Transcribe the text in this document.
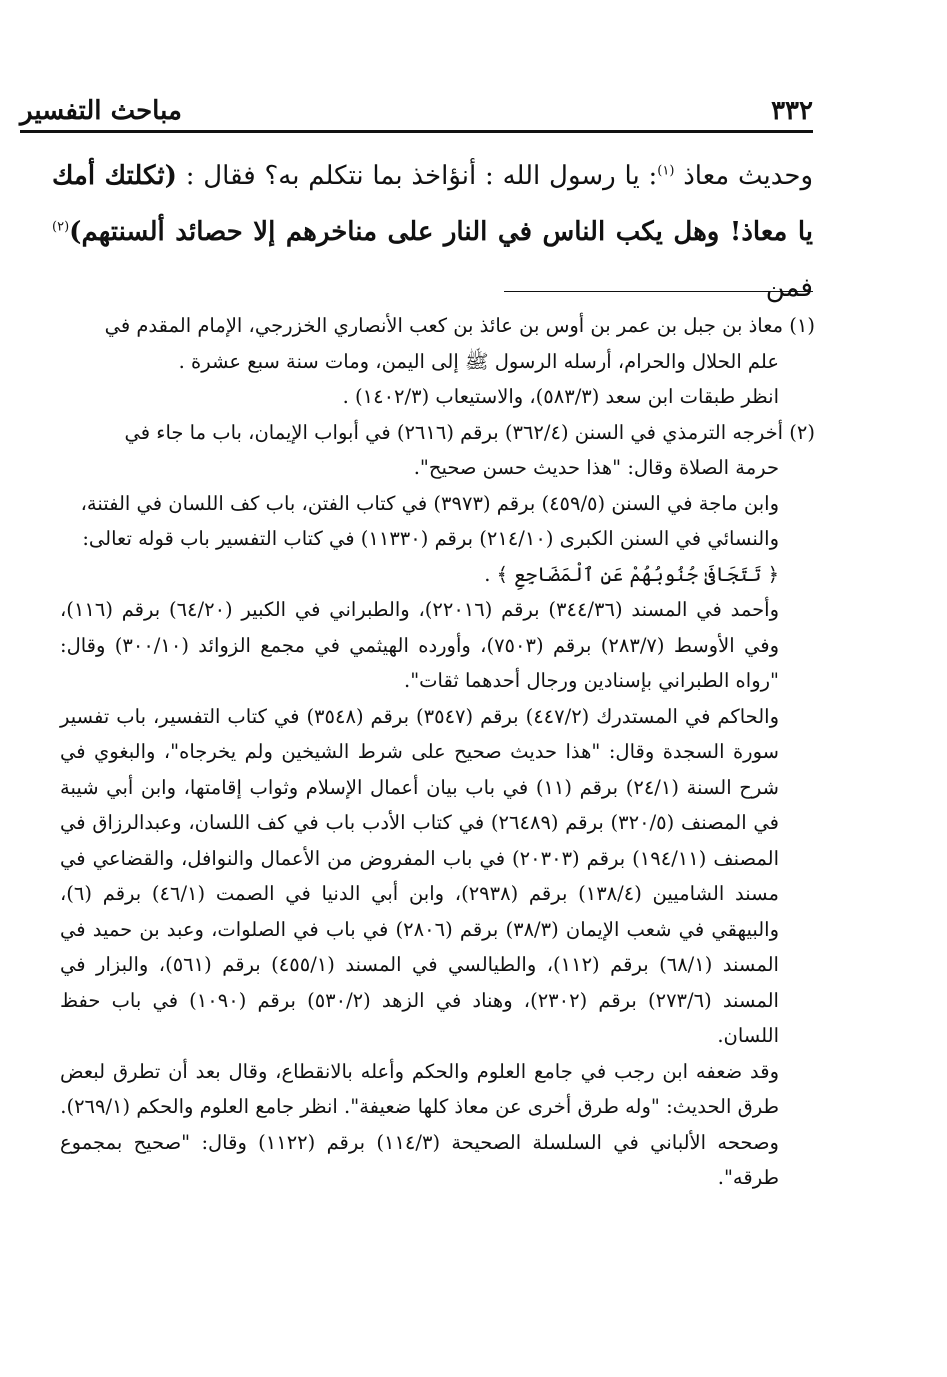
٣٣٢
مباحث التفسير
وحديث معاذ $^{(١)}$: يا رسول الله : أنؤاخذ بما نتكلم به؟ فقال : (ثكلتك أمك يا معاذ! وهل يكب الناس في النار على مناخرهم إلا حصائد ألسنتهم)$^{(٢)}$ فمن

(١) معاذ بن جبل بن عمر بن أوس بن عائذ بن كعب الأنصاري الخزرجي، الإمام المقدم في

علم الحلال والحرام، أرسله الرسول ﷺ إلى اليمن، ومات سنة سبع عشرة .

انظر طبقات ابن سعد (٥٨٣/٣)، والاستيعاب (١٤٠٢/٣) .

(٢) أخرجه الترمذي في السنن (٣٦٢/٤) برقم (٢٦١٦) في أبواب الإيمان، باب ما جاء في

حرمة الصلاة وقال: "هذا حديث حسن صحيح".

وابن ماجة في السنن (٤٥٩/٥) برقم (٣٩٧٣) في كتاب الفتن، باب كف اللسان في الفتنة،

والنسائي في السنن الكبرى (٢١٤/١٠) برقم (١١٣٣٠) في كتاب التفسير باب قوله تعالى:

﴿ تَتَجَافَىٰ جُنُوبُهُمْ عَنِ ٱلْمَضَاجِعِ ﴾ .

وأحمد في المسند (٣٤٤/٣٦) برقم (٢٢٠١٦)، والطبراني في الكبير (٦٤/٢٠) برقم (١١٦)، وفي الأوسط (٢٨٣/٧) برقم (٧٥٠٣)، وأورده الهيثمي في مجمع الزوائد (٣٠٠/١٠) وقال: "رواه الطبراني بإسنادين ورجال أحدهما ثقات".

والحاكم في المستدرك (٤٤٧/٢) برقم (٣٥٤٧) برقم (٣٥٤٨) في كتاب التفسير، باب تفسير سورة السجدة وقال: "هذا حديث صحيح على شرط الشيخين ولم يخرجاه"، والبغوي في شرح السنة (٢٤/١) برقم (١١) في باب بيان أعمال الإسلام وثواب إقامتها، وابن أبي شيبة في المصنف (٣٢٠/٥) برقم (٢٦٤٨٩) في كتاب الأدب باب في كف اللسان، وعبدالرزاق في المصنف (١٩٤/١١) برقم (٢٠٣٠٣) في باب المفروض من الأعمال والنوافل، والقضاعي في مسند الشاميين (١٣٨/٤) برقم (٢٩٣٨)، وابن أبي الدنيا في الصمت (٤٦/١) برقم (٦)، والبيهقي في شعب الإيمان (٣٨/٣) برقم (٢٨٠٦) في باب في الصلوات، وعبد بن حميد في المسند (٦٨/١) برقم (١١٢)، والطيالسي في المسند (٤٥٥/١) برقم (٥٦١)، والبزار في المسند (٢٧٣/٦) برقم (٢٣٠٢)، وهناد في الزهد (٥٣٠/٢) برقم (١٠٩٠) في باب حفظ اللسان.

وقد ضعفه ابن رجب في جامع العلوم والحكم وأعله بالانقطاع، وقال بعد أن تطرق لبعض طرق الحديث: "وله طرق أخرى عن معاذ كلها ضعيفة". انظر جامع العلوم والحكم (٢٦٩/١).

وصححه الألباني في السلسلة الصحيحة (١١٤/٣) برقم (١١٢٢) وقال: "صحيح بمجموع طرقه".
